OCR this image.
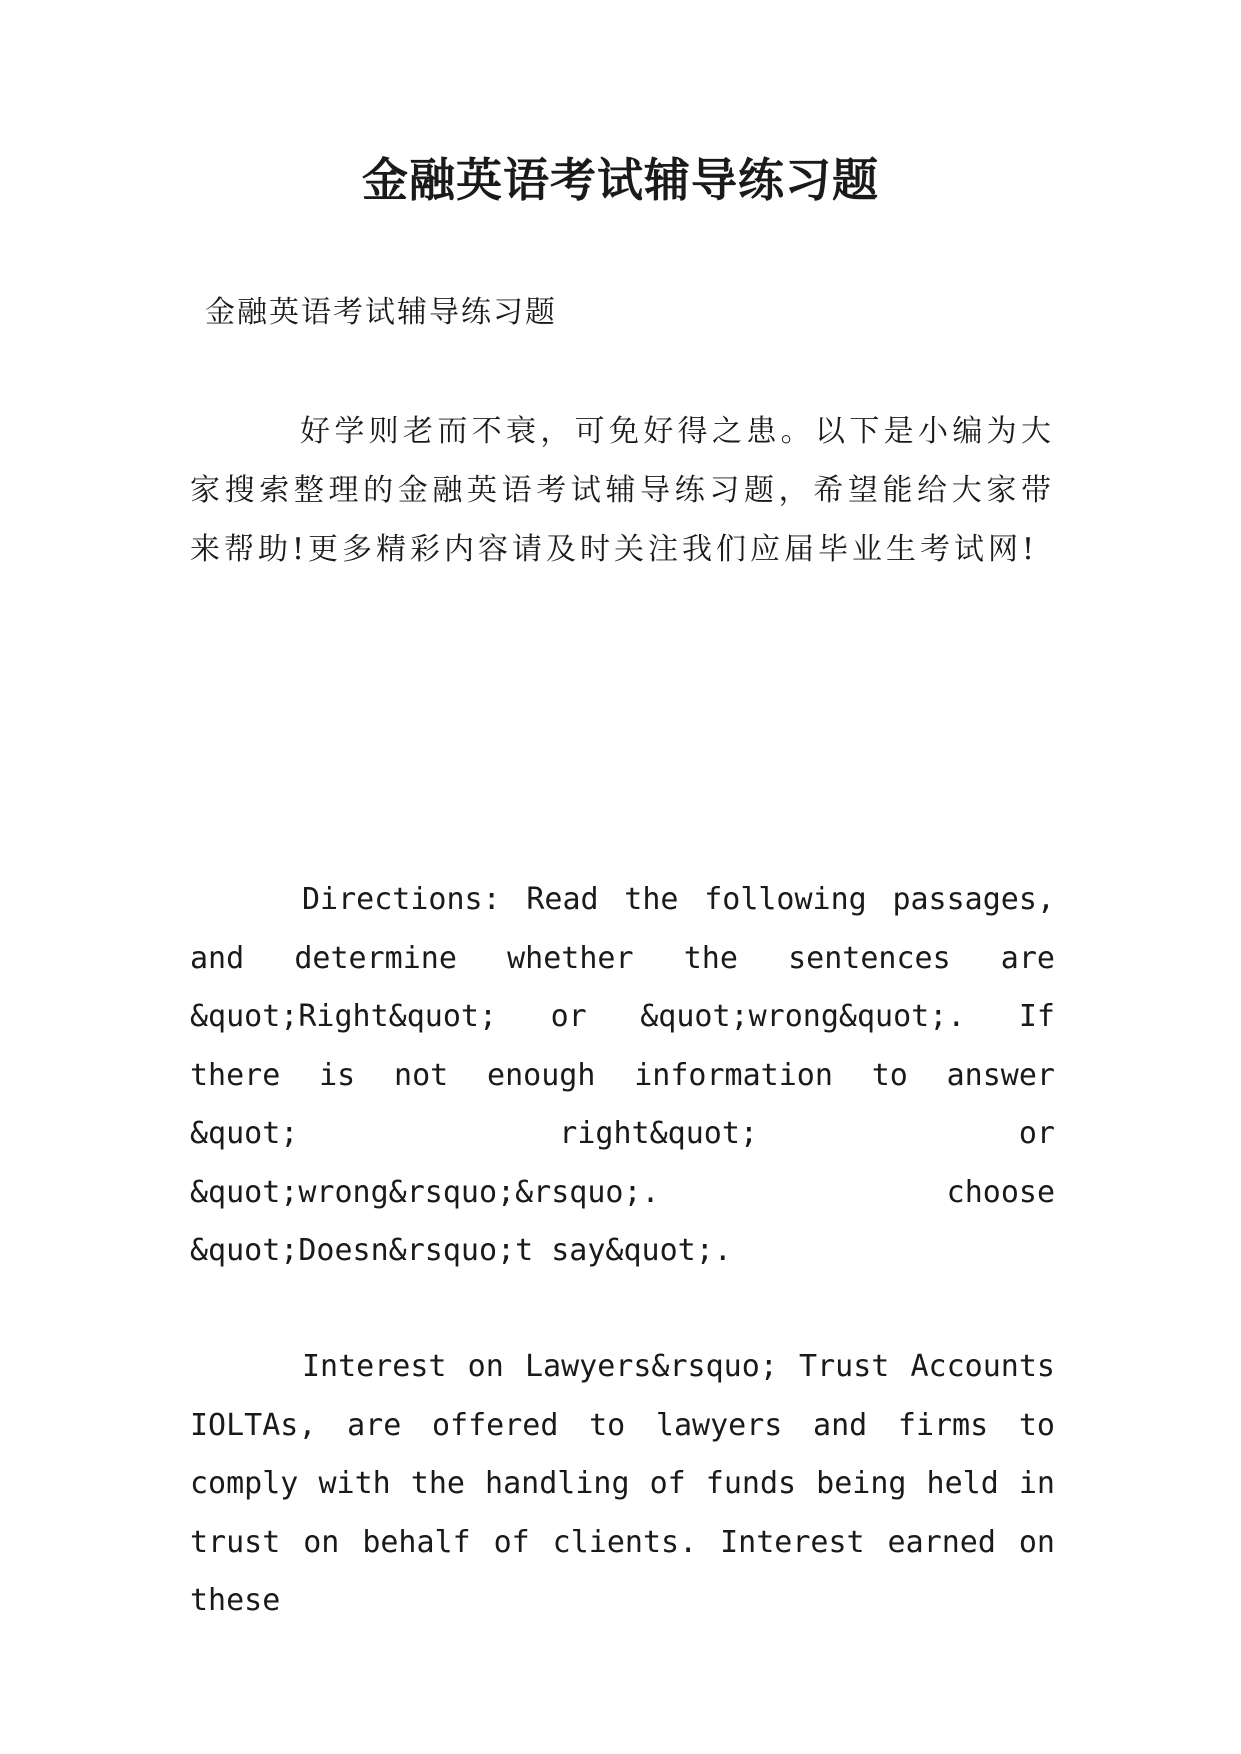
金融英语考试辅导练习题

金融英语考试辅导练习题

好学则老而不衰，可免好得之患。以下是小编为大家搜索整理的金融英语考试辅导练习题，希望能给大家带来帮助!更多精彩内容请及时关注我们应届毕业生考试网!

Directions: Read the following passages, and determine whether the sentences are &quot;Right&quot; or &quot;wrong&quot;. If there is not enough information to answer &quot; right&quot; or &quot;wrong&rsquo;&rsquo;. choose &quot;Doesn&rsquo;t say&quot;.

Interest on Lawyers&rsquo; Trust Accounts IOLTAs, are offered to lawyers and firms to comply with the handling of funds being held in trust on behalf of clients. Interest earned on these
